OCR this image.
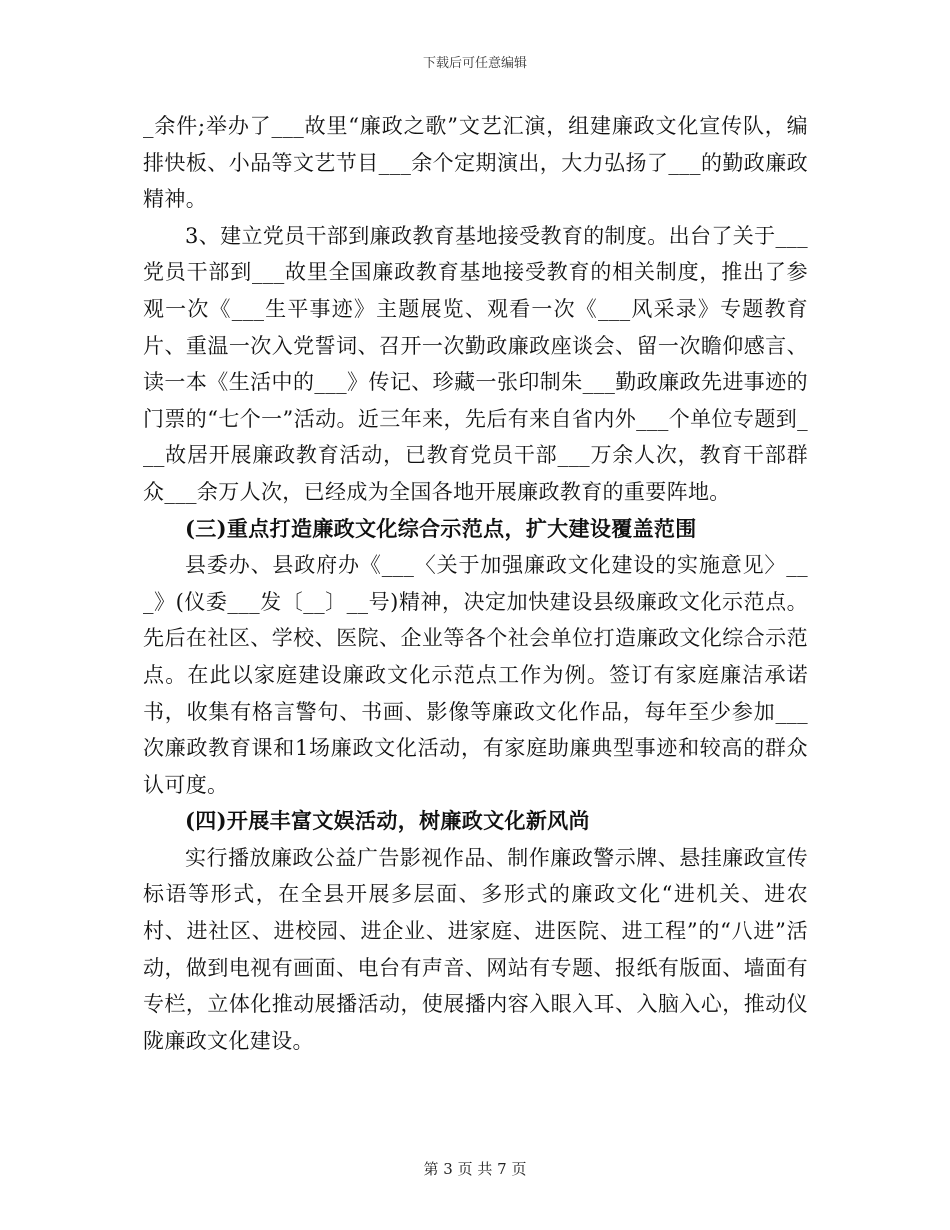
下载后可任意编辑

_余件;举办了___故里“廉政之歌”文艺汇演，组建廉政文化宣传队，编排快板、小品等文艺节目___余个定期演出，大力弘扬了___的勤政廉政精神。

3、建立党员干部到廉政教育基地接受教育的制度。出台了关于___党员干部到___故里全国廉政教育基地接受教育的相关制度，推出了参观一次《___生平事迹》主题展览、观看一次《___风采录》专题教育片、重温一次入党誓词、召开一次勤政廉政座谈会、留一次瞻仰感言、读一本《生活中的___》传记、珍藏一张印制朱___勤政廉政先进事迹的门票的“七个一”活动。近三年来，先后有来自省内外___个单位专题到___故居开展廉政教育活动，已教育党员干部___万余人次，教育干部群众___余万人次，已经成为全国各地开展廉政教育的重要阵地。

(三)重点打造廉政文化综合示范点，扩大建设覆盖范围

县委办、县政府办《___〈关于加强廉政文化建设的实施意见〉___》(仪委___发〔__〕__号)精神，决定加快建设县级廉政文化示范点。先后在社区、学校、医院、企业等各个社会单位打造廉政文化综合示范点。在此以家庭建设廉政文化示范点工作为例。签订有家庭廉洁承诺书，收集有格言警句、书画、影像等廉政文化作品，每年至少参加___次廉政教育课和1场廉政文化活动，有家庭助廉典型事迹和较高的群众认可度。

(四)开展丰富文娱活动，树廉政文化新风尚

实行播放廉政公益广告影视作品、制作廉政警示牌、悬挂廉政宣传标语等形式，在全县开展多层面、多形式的廉政文化“进机关、进农村、进社区、进校园、进企业、进家庭、进医院、进工程”的“八进”活动，做到电视有画面、电台有声音、网站有专题、报纸有版面、墙面有专栏，立体化推动展播活动，使展播内容入眼入耳、入脑入心，推动仪陇廉政文化建设。

第 3 页 共 7 页
